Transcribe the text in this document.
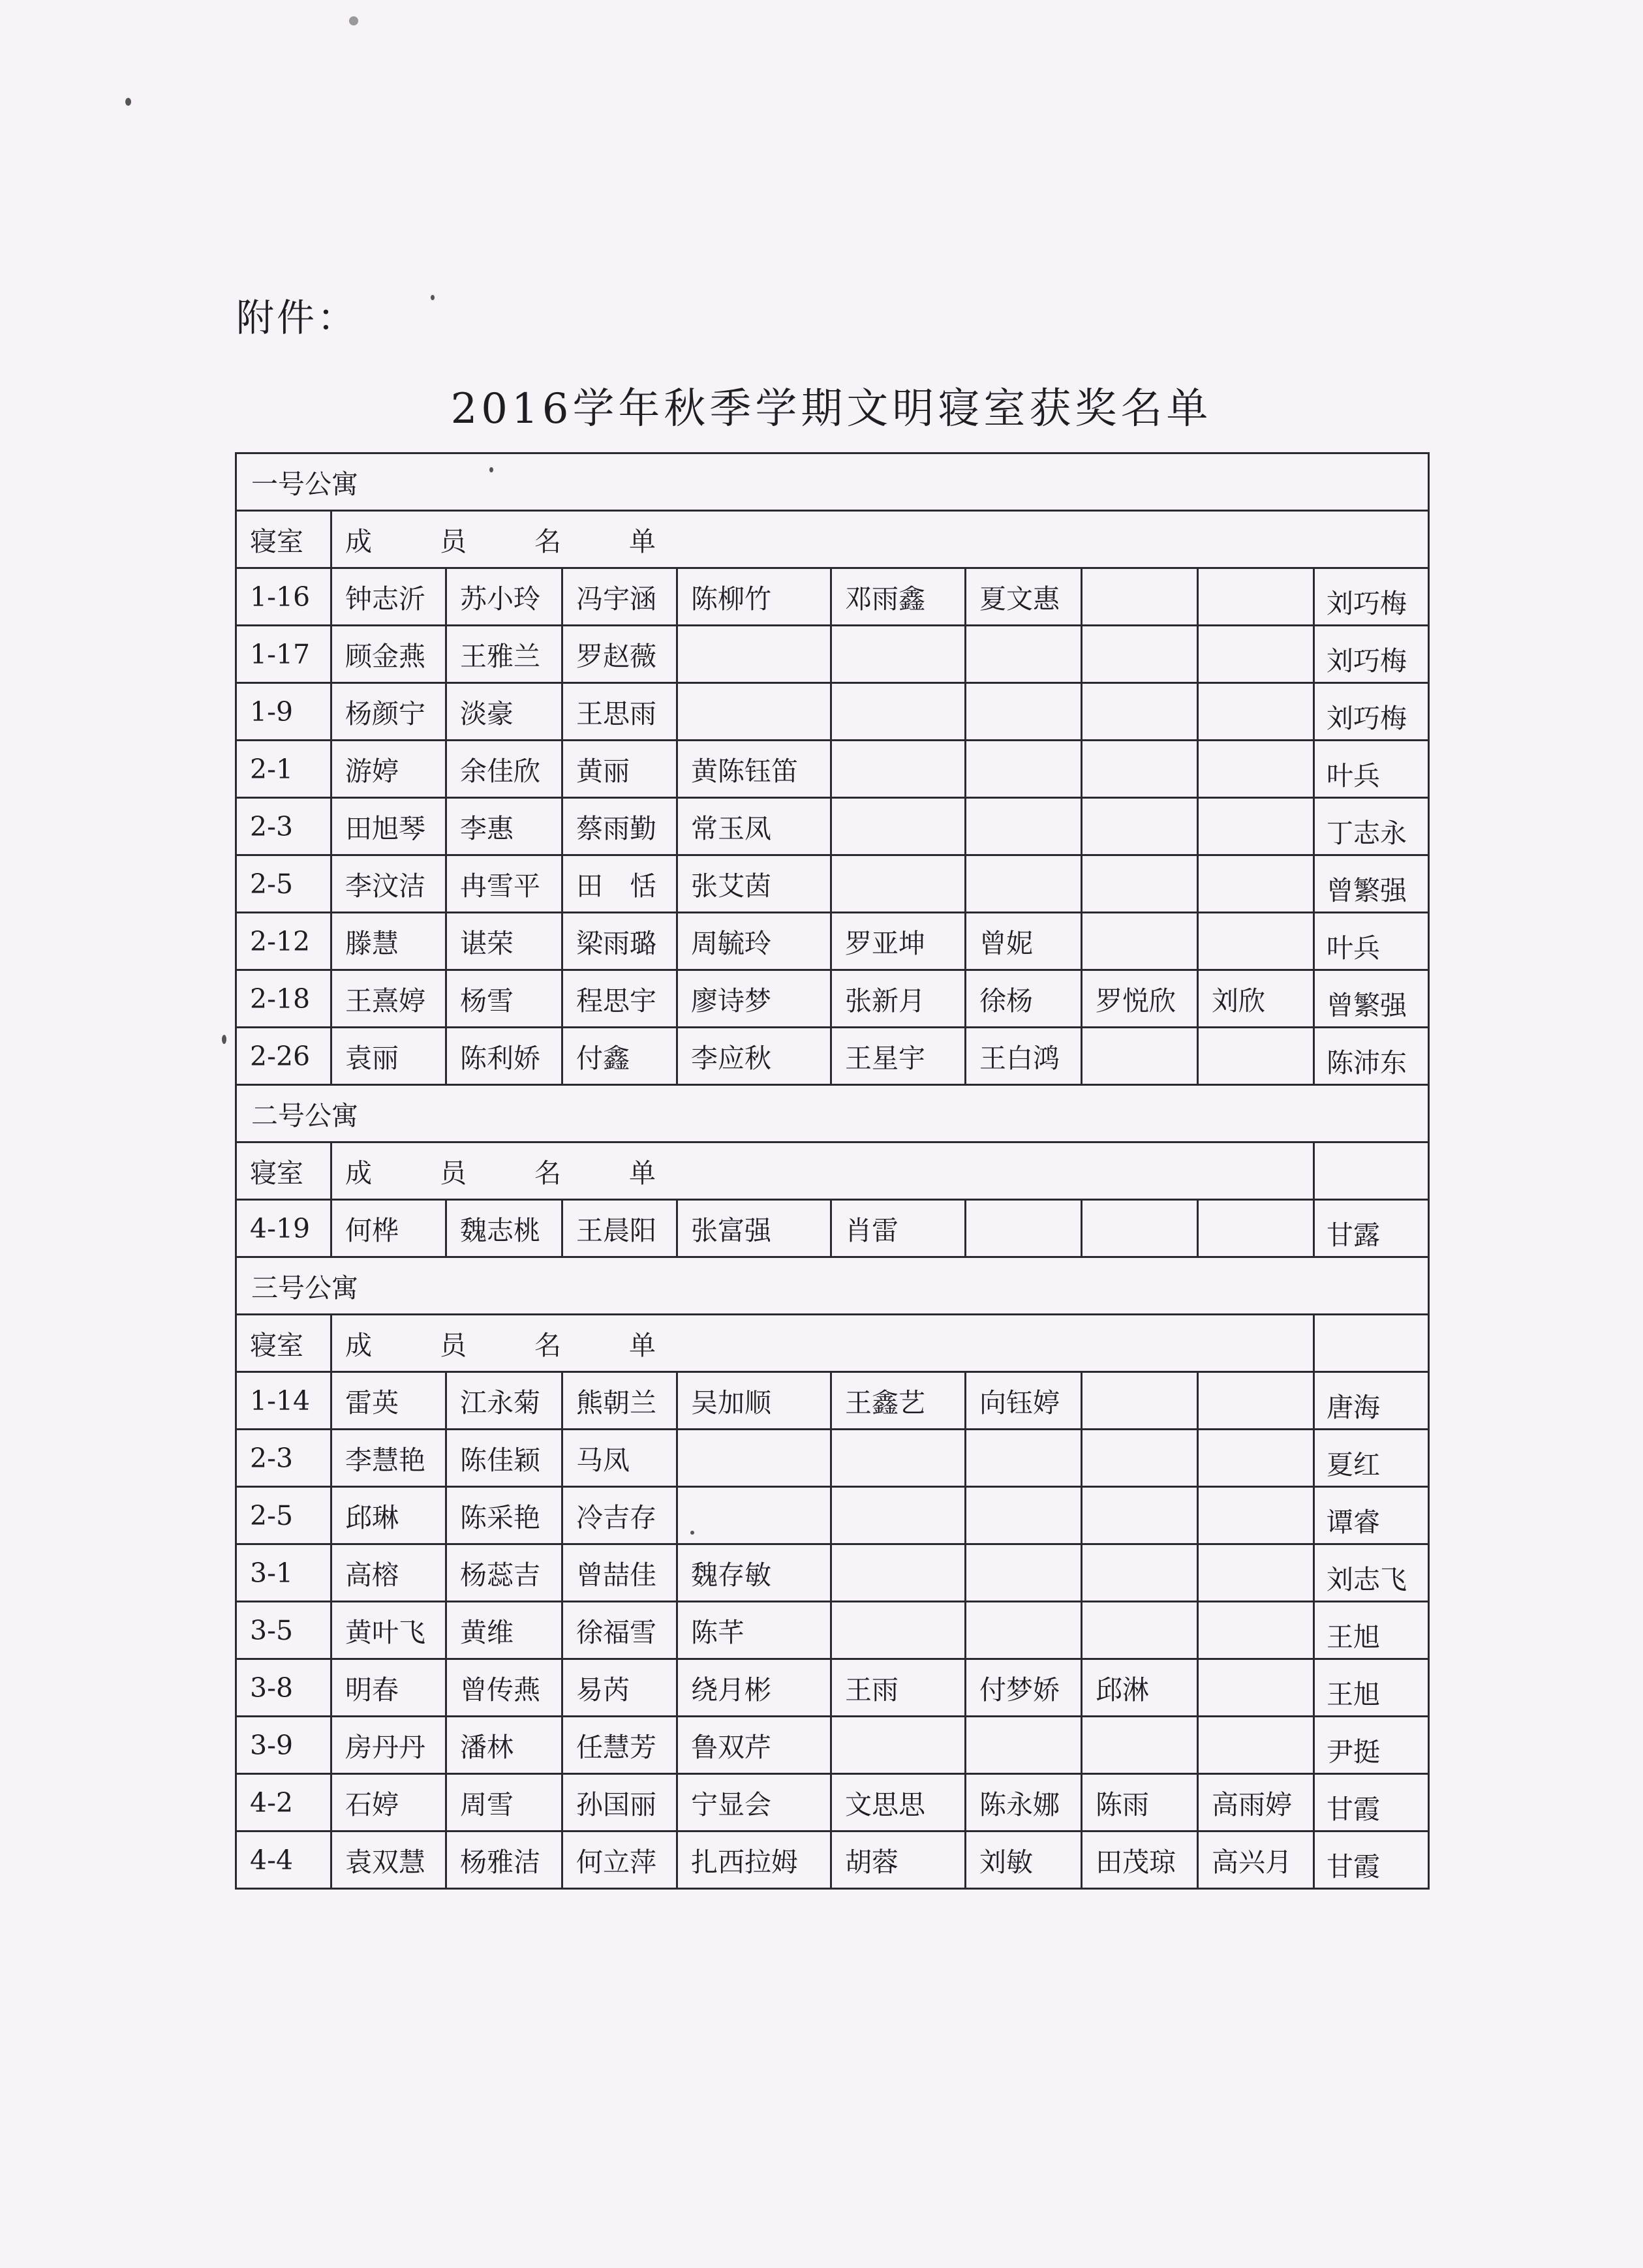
附件：
2016学年秋季学期文明寝室获奖名单
一号公寓									
寝室	成 员 名 单								
1-16	钟志沂	苏小玲	冯宇涵	陈柳竹	邓雨鑫	夏文惠			刘巧梅
1-17	顾金燕	王雅兰	罗赵薇						刘巧梅
1-9	杨颜宁	淡豪	王思雨						刘巧梅
2-1	游婷	余佳欣	黄丽	黄陈钰笛					叶兵
2-3	田旭琴	李惠	蔡雨勤	常玉凤					丁志永
2-5	李汶洁	冉雪平	田　恬	张艾茵					曾繁强
2-12	滕慧	谌荣	梁雨璐	周毓玲	罗亚坤	曾妮			叶兵
2-18	王熹婷	杨雪	程思宇	廖诗梦	张新月	徐杨	罗悦欣	刘欣	曾繁强
2-26	袁丽	陈利娇	付鑫	李应秋	王星宇	王白鸿			陈沛东
二号公寓									
寝室	成 员 名 单								
4-19	何桦	魏志桃	王晨阳	张富强	肖雷				甘露
三号公寓									
寝室	成 员 名 单								
1-14	雷英	江永菊	熊朝兰	吴加顺	王鑫艺	向钰婷			唐海
2-3	李慧艳	陈佳颖	马凤						夏红
2-5	邱琳	陈采艳	冷吉存						谭睿
3-1	高榕	杨蕊吉	曾喆佳	魏存敏					刘志飞
3-5	黄叶飞	黄维	徐福雪	陈芊					王旭
3-8	明春	曾传燕	易芮	绕月彬	王雨	付梦娇	邱淋		王旭
3-9	房丹丹	潘林	任慧芳	鲁双芹					尹挺
4-2	石婷	周雪	孙国丽	宁显会	文思思	陈永娜	陈雨	高雨婷	甘霞
4-4	袁双慧	杨雅洁	何立萍	扎西拉姆	胡蓉	刘敏	田茂琼	高兴月	甘霞
